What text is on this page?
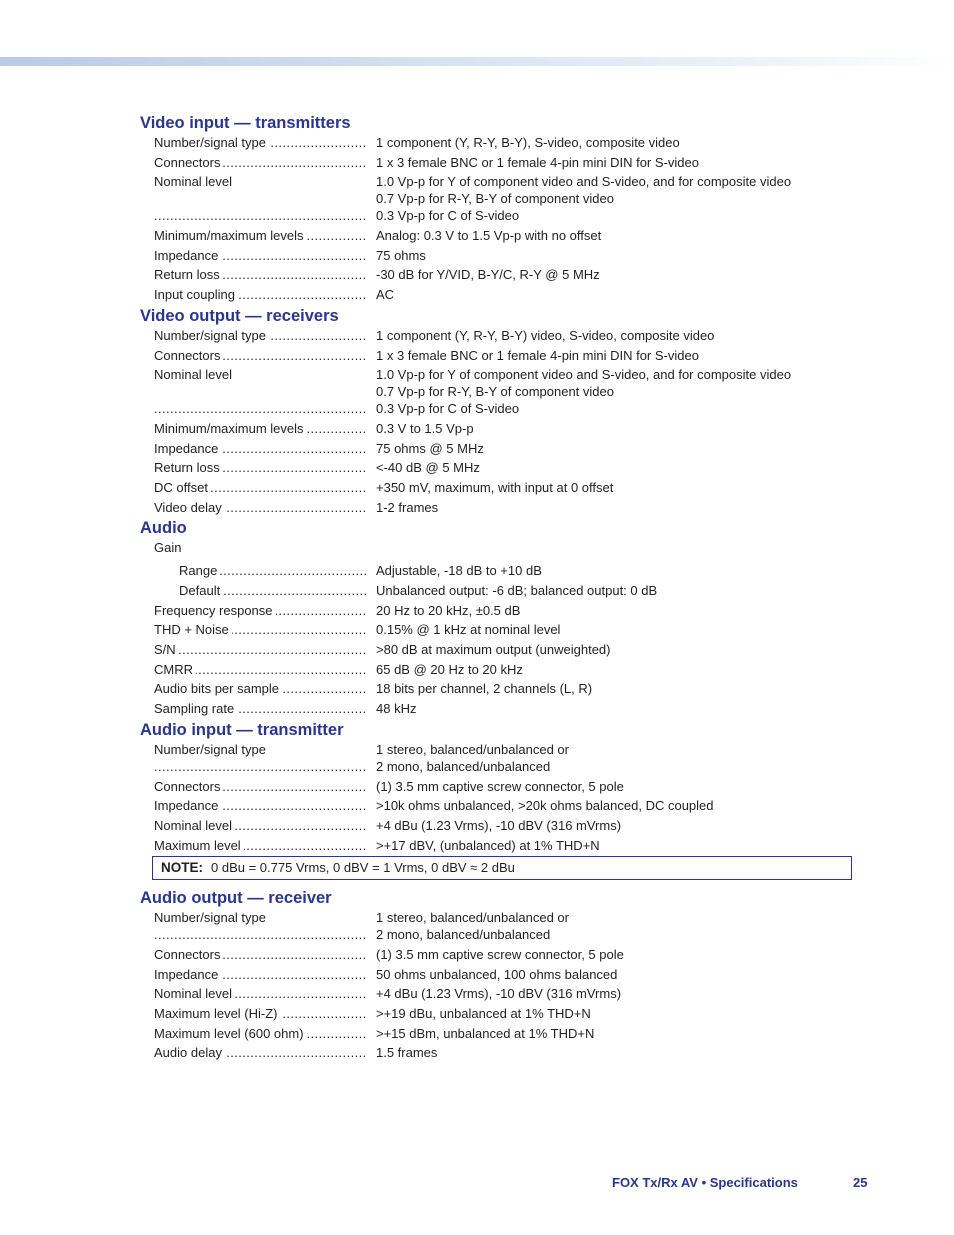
Video input — transmitters
Number/signal type .....	1 component (Y, R-Y, B-Y), S-video, composite video
Connectors .....	1 x 3 female BNC or 1 female 4-pin mini DIN for S-video
Nominal level .....	1.0 Vp-p for Y of component video and S-video, and for composite video
0.7 Vp-p for R-Y, B-Y of component video
0.3 Vp-p for C of S-video
Minimum/maximum levels .....	Analog: 0.3 V to 1.5 Vp-p with no offset
Impedance .....	75 ohms
Return loss .....	-30 dB for Y/VID, B-Y/C, R-Y @ 5 MHz
Input coupling .....	AC
Video output — receivers
Number/signal type .....	1 component (Y, R-Y, B-Y) video, S-video, composite video
Connectors .....	1 x 3 female BNC or 1 female 4-pin mini DIN for S-video
Nominal level .....	1.0 Vp-p for Y of component video and S-video, and for composite video
0.7 Vp-p for R-Y, B-Y of component video
0.3 Vp-p for C of S-video
Minimum/maximum levels .....	0.3 V to 1.5 Vp-p
Impedance .....	75 ohms @ 5 MHz
Return loss .....	<-40 dB @ 5 MHz
DC offset .....	+350 mV, maximum, with input at 0 offset
Video delay .....	1-2 frames
Audio
Gain
Range .....	Adjustable, -18 dB to +10 dB
Default .....	Unbalanced output: -6 dB; balanced output: 0 dB
Frequency response .....	20 Hz to 20 kHz, ±0.5 dB
THD + Noise .....	0.15% @ 1 kHz at nominal level
S/N .....	>80 dB at maximum output (unweighted)
CMRR .....	65 dB @ 20 Hz to 20 kHz
Audio bits per sample .....	18 bits per channel, 2 channels (L, R)
Sampling rate .....	48 kHz
Audio input — transmitter
Number/signal type .....	1 stereo, balanced/unbalanced or
2 mono, balanced/unbalanced
Connectors .....	(1) 3.5 mm captive screw connector, 5 pole
Impedance .....	>10k ohms unbalanced, >20k ohms balanced, DC coupled
Nominal level .....	+4 dBu (1.23 Vrms), -10 dBV (316 mVrms)
Maximum level .....	>+17 dBV, (unbalanced) at 1% THD+N
NOTE: 0 dBu = 0.775 Vrms, 0 dBV = 1 Vrms, 0 dBV ≈ 2 dBu
Audio output — receiver
Number/signal type .....	1 stereo, balanced/unbalanced or
2 mono, balanced/unbalanced
Connectors .....	(1) 3.5 mm captive screw connector, 5 pole
Impedance .....	50 ohms unbalanced, 100 ohms balanced
Nominal level .....	+4 dBu (1.23 Vrms), -10 dBV (316 mVrms)
Maximum level (Hi-Z) .....	>+19 dBu, unbalanced at 1% THD+N
Maximum level (600 ohm) .....	>+15 dBm, unbalanced at 1% THD+N
Audio delay .....	1.5 frames
FOX Tx/Rx AV • Specifications	25
